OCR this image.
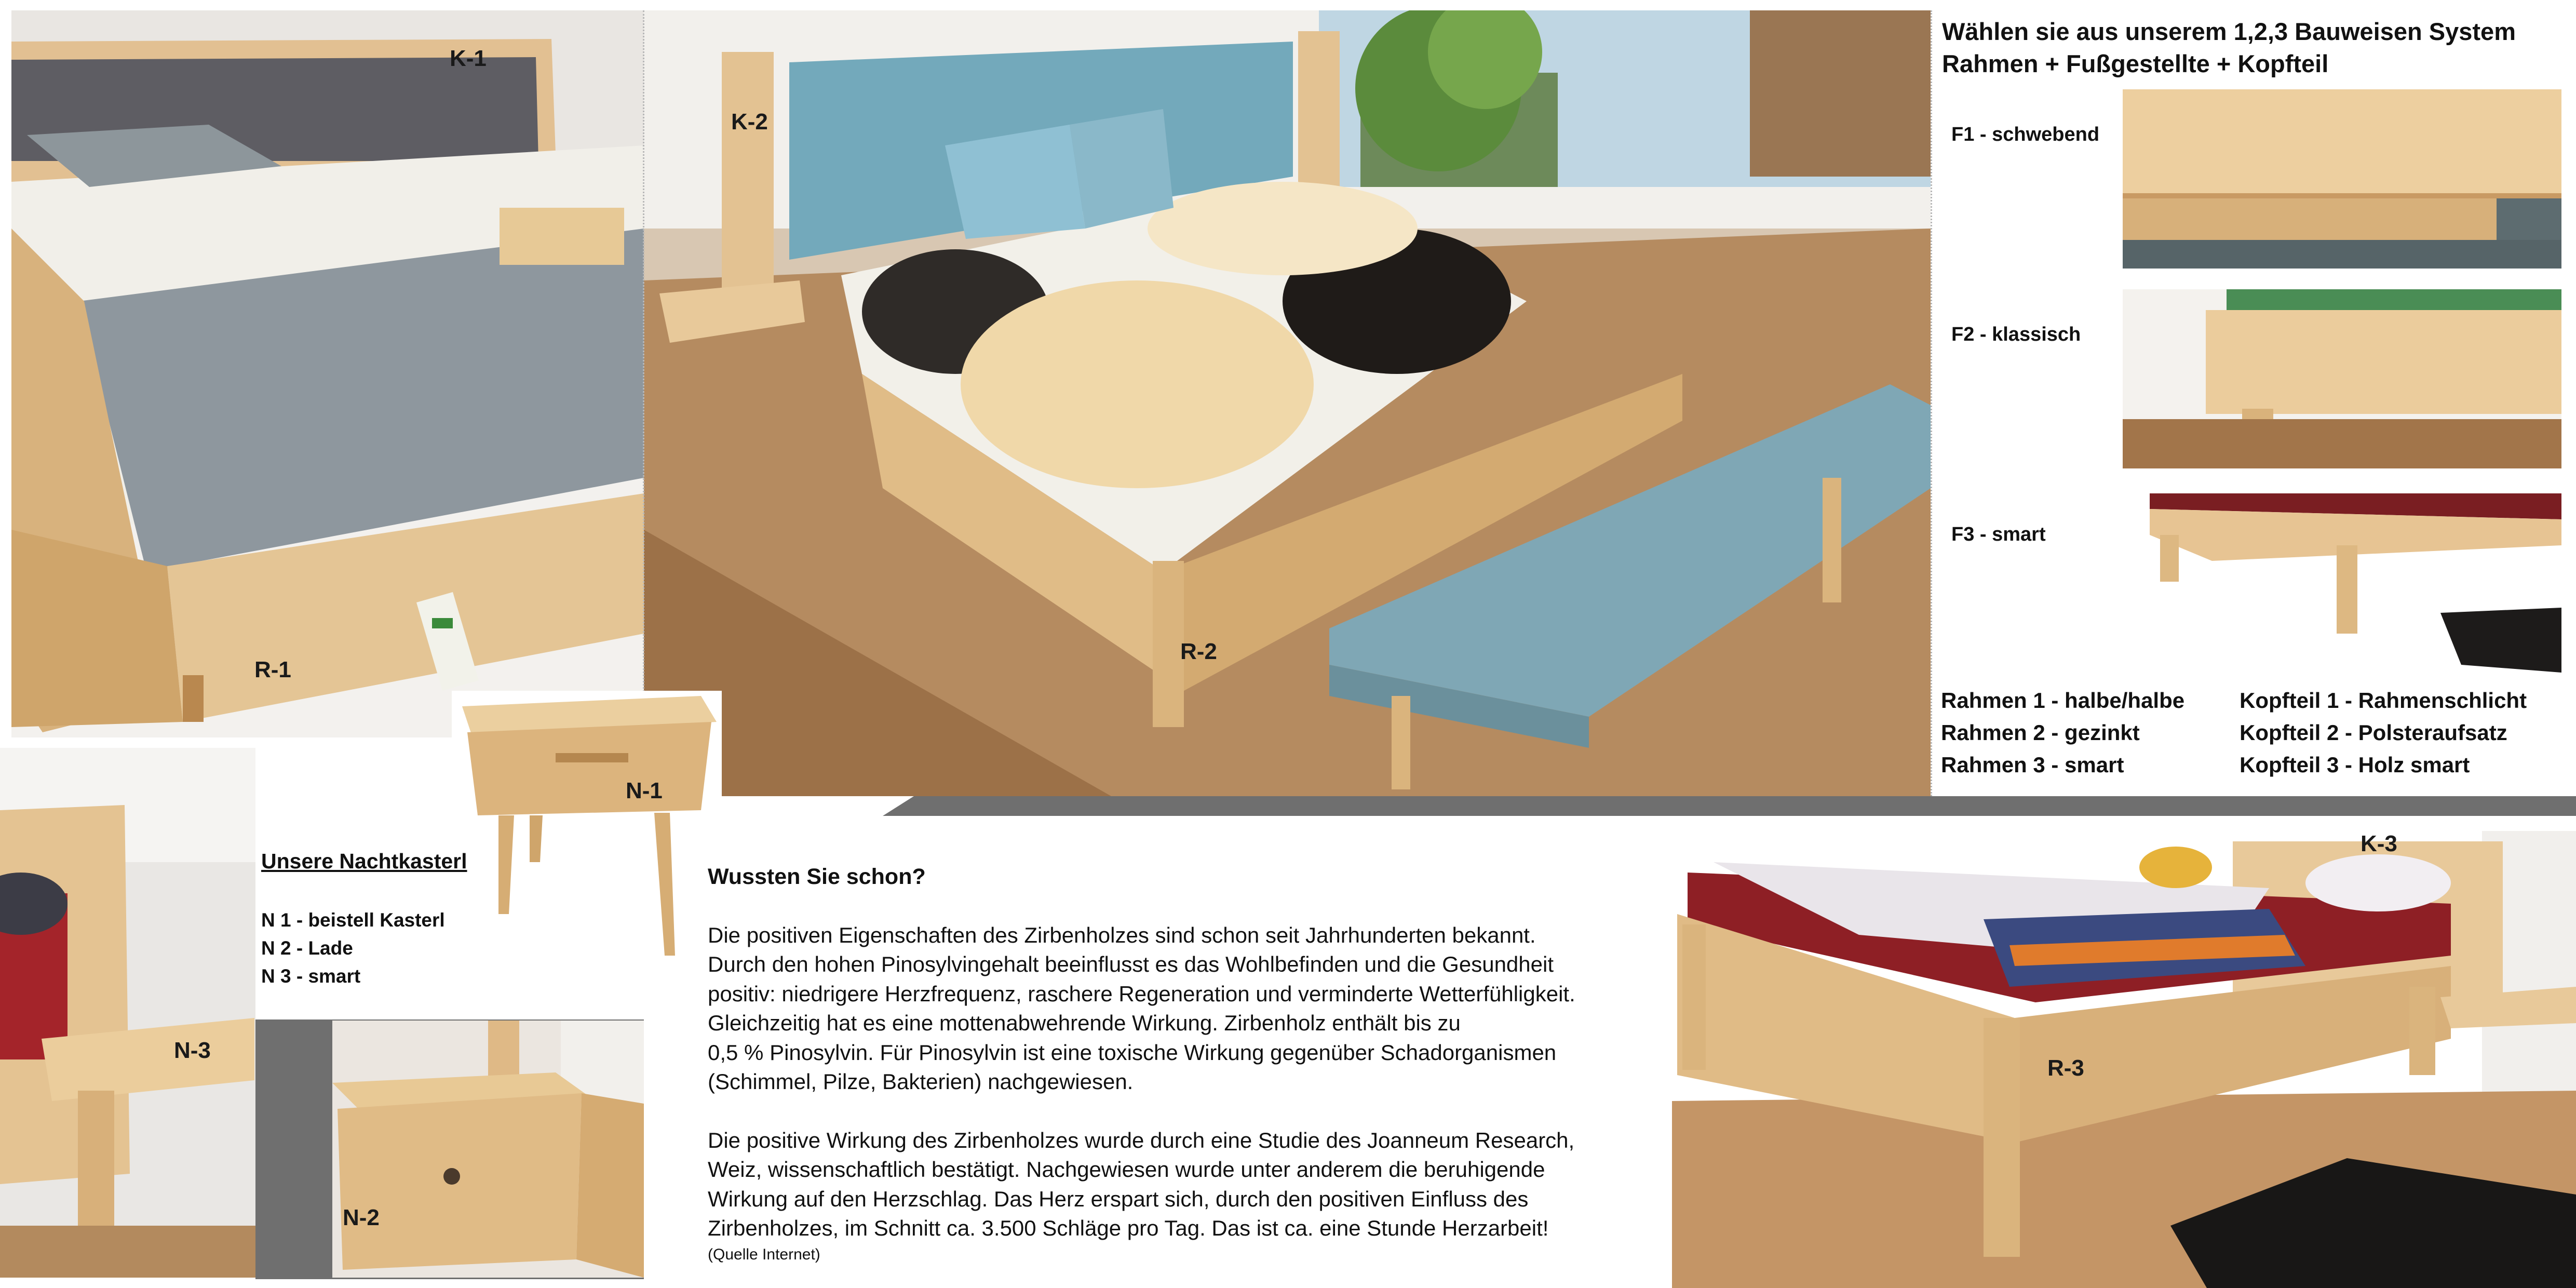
K-1
R-1
K-2
R-2
Wählen sie aus unserem 1,2,3 Bauweisen System
Rahmen + Fußgestellte + Kopfteil
F1 - schwebend
F2 - klassisch
F3 - smart
Rahmen 1 - halbe/halbe
Rahmen 2 - gezinkt
Rahmen 3 - smart
Kopfteil 1 - Rahmenschlicht
Kopfteil 2 - Polsteraufsatz
Kopfteil 3 - Holz smart
N-1
N-3
N-2
Unsere Nachtkasterl
N 1 - beistell Kasterl
N 2 - Lade
N 3 - smart
Wussten Sie schon?

Die positiven Eigenschaften des Zirbenholzes sind schon seit Jahrhunderten bekannt.

Durch den hohen Pinosylvingehalt beeinflusst es das Wohlbefinden und die Gesundheit

positiv: niedrigere Herzfrequenz, raschere Regeneration und verminderte Wetterfühligkeit.

Gleichzeitig hat es eine mottenabwehrende Wirkung. Zirbenholz enthält bis zu

0,5 % Pinosylvin. Für Pinosylvin ist eine toxische Wirkung gegenüber Schadorganismen

(Schimmel, Pilze, Bakterien) nachgewiesen.

Die positive Wirkung des Zirbenholzes wurde durch eine Studie des Joanneum Research,

Weiz, wissenschaftlich bestätigt. Nachgewiesen wurde unter anderem die beruhigende

Wirkung auf den Herzschlag. Das Herz erspart sich, durch den positiven Einfluss des

Zirbenholzes, im Schnitt ca. 3.500 Schläge pro Tag. Das ist ca. eine Stunde Herzarbeit!

(Quelle Internet)

K-3
R-3
